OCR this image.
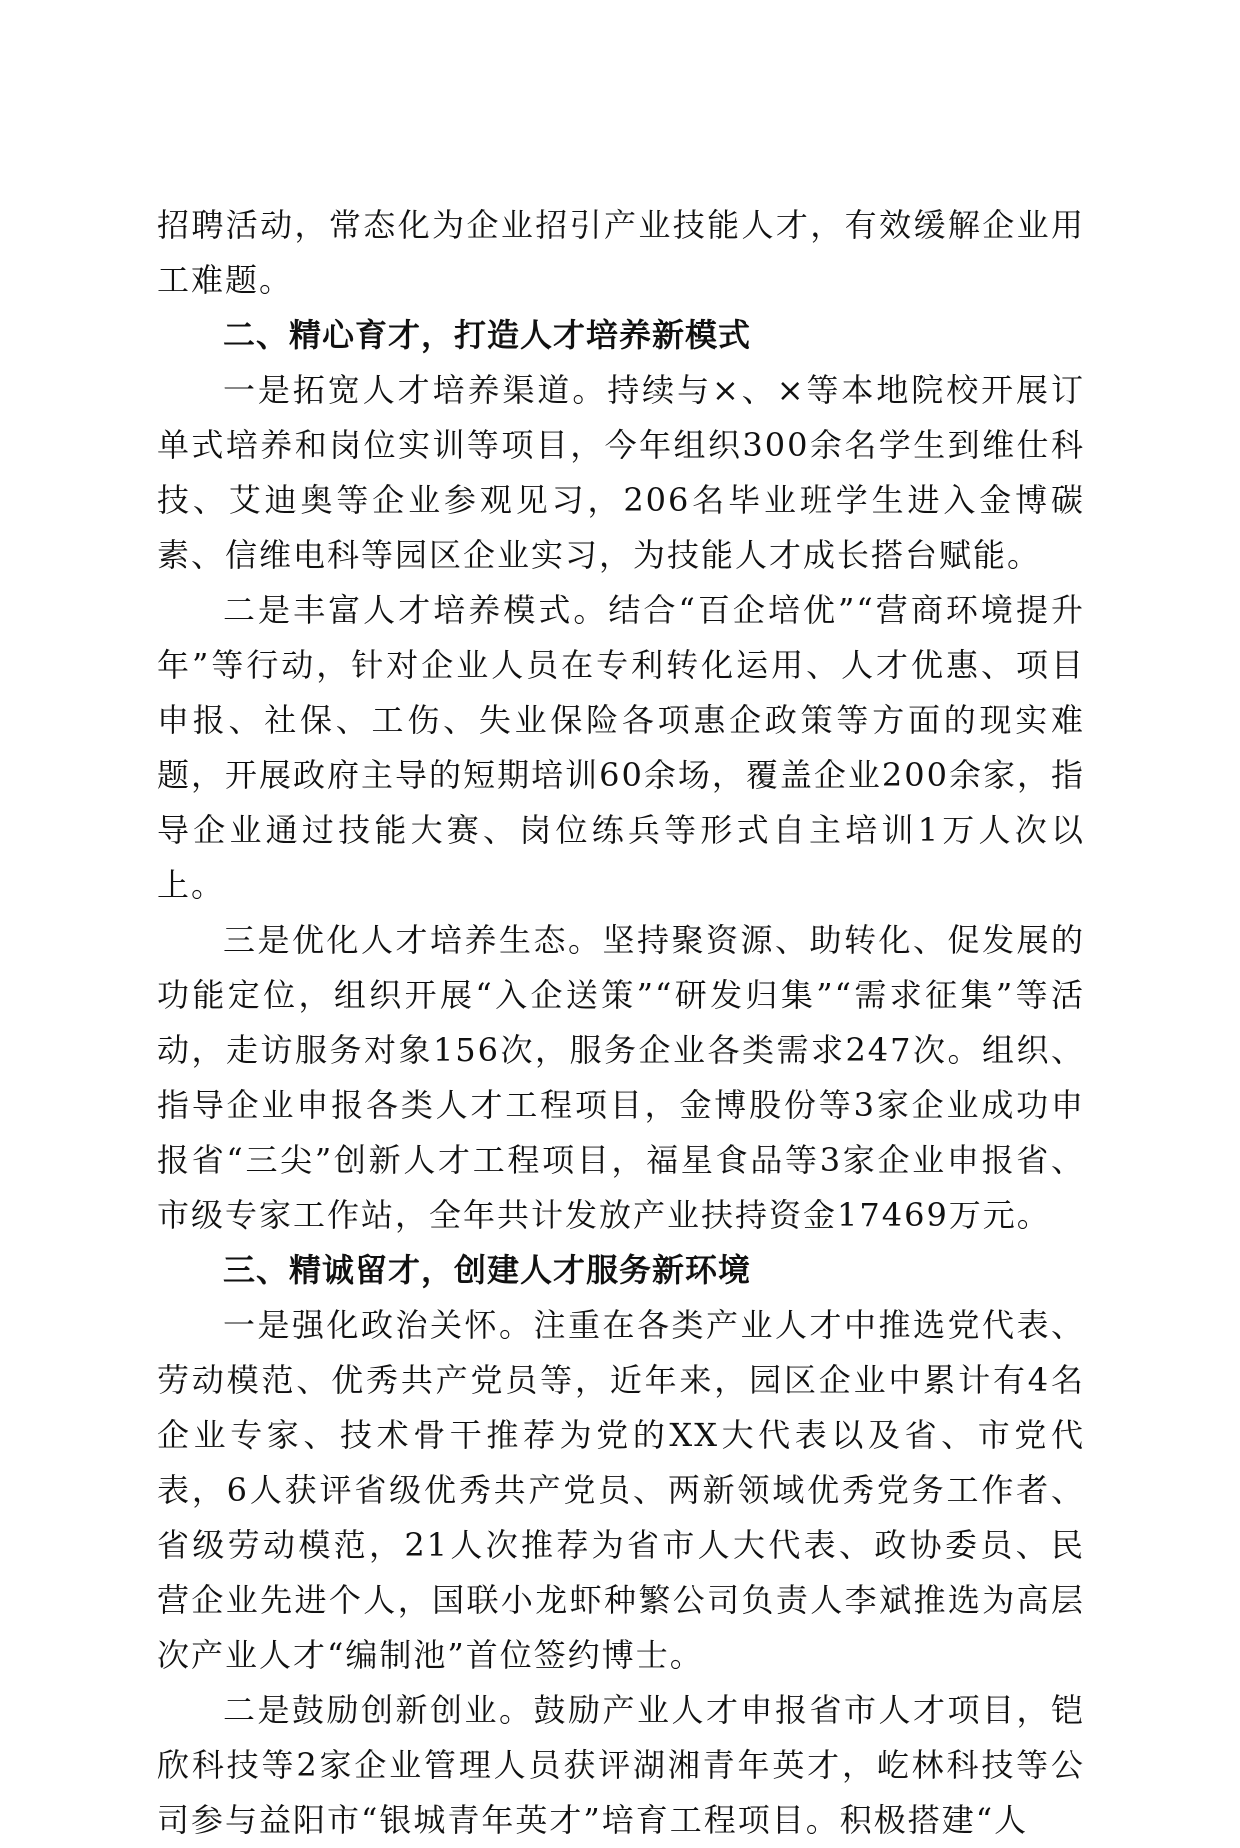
招聘活动，常态化为企业招引产业技能人才，有效缓解企业用工难题。

二、精心育才，打造人才培养新模式

一是拓宽人才培养渠道。持续与×、×等本地院校开展订单式培养和岗位实训等项目，今年组织300余名学生到维仕科技、艾迪奥等企业参观见习，206名毕业班学生进入金博碳素、信维电科等园区企业实习，为技能人才成长搭台赋能。

二是丰富人才培养模式。结合“百企培优”“营商环境提升年”等行动，针对企业人员在专利转化运用、人才优惠、项目申报、社保、工伤、失业保险各项惠企政策等方面的现实难题，开展政府主导的短期培训60余场，覆盖企业200余家，指导企业通过技能大赛、岗位练兵等形式自主培训1万人次以上。

三是优化人才培养生态。坚持聚资源、助转化、促发展的功能定位，组织开展“入企送策”“研发归集”“需求征集”等活动，走访服务对象156次，服务企业各类需求247次。组织、指导企业申报各类人才工程项目，金博股份等3家企业成功申报省“三尖”创新人才工程项目，福星食品等3家企业申报省、市级专家工作站，全年共计发放产业扶持资金17469万元。

三、精诚留才，创建人才服务新环境

一是强化政治关怀。注重在各类产业人才中推选党代表、劳动模范、优秀共产党员等，近年来，园区企业中累计有4名企业专家、技术骨干推荐为党的XX大代表以及省、市党代表，6人获评省级优秀共产党员、两新领域优秀党务工作者、省级劳动模范，21人次推荐为省市人大代表、政协委员、民营企业先进个人，国联小龙虾种繁公司负责人李斌推选为高层次产业人才“编制池”首位签约博士。

二是鼓励创新创业。鼓励产业人才申报省市人才项目，铠欣科技等2家企业管理人员获评湖湘青年英才，屹林科技等公司参与益阳市“银城青年英才”培育工程项目。积极搭建“人
